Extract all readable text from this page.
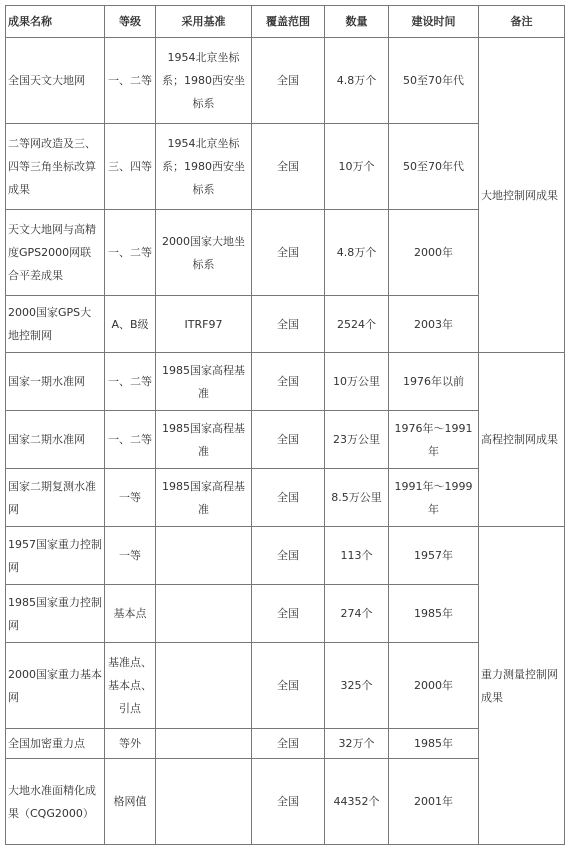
成果名称	等级	采用基准	覆盖范围	数量	建设时间	备注
全国天文大地网	一、二等	1954北京坐标系；1980西安坐标系	全国	4.8万个	50至70年代	大地控制网成果
二等网改造及三、四等三角坐标改算成果	三、四等	1954北京坐标系；1980西安坐标系	全国	10万个	50至70年代	
天文大地网与高精度GPS2000网联合平差成果	一、二等	2000国家大地坐标系	全国	4.8万个	2000年	
2000国家GPS大地控制网	A、B级	ITRF97	全国	2524个	2003年	
国家一期水准网	一、二等	1985国家高程基准	全国	10万公里	1976年以前	高程控制网成果
国家二期水准网	一、二等	1985国家高程基准	全国	23万公里	1976年～1991年	
国家二期复测水准网	一等	1985国家高程基准	全国	8.5万公里	1991年～1999年	
1957国家重力控制网	一等		全国	113个	1957年	重力测量控制网成果
1985国家重力控制网	基本点		全国	274个	1985年	
2000国家重力基本网	基准点、基本点、引点		全国	325个	2000年	
全国加密重力点	等外		全国	32万个	1985年	
大地水准面精化成果（CQG2000）	格网值		全国	44352个	2001年	
